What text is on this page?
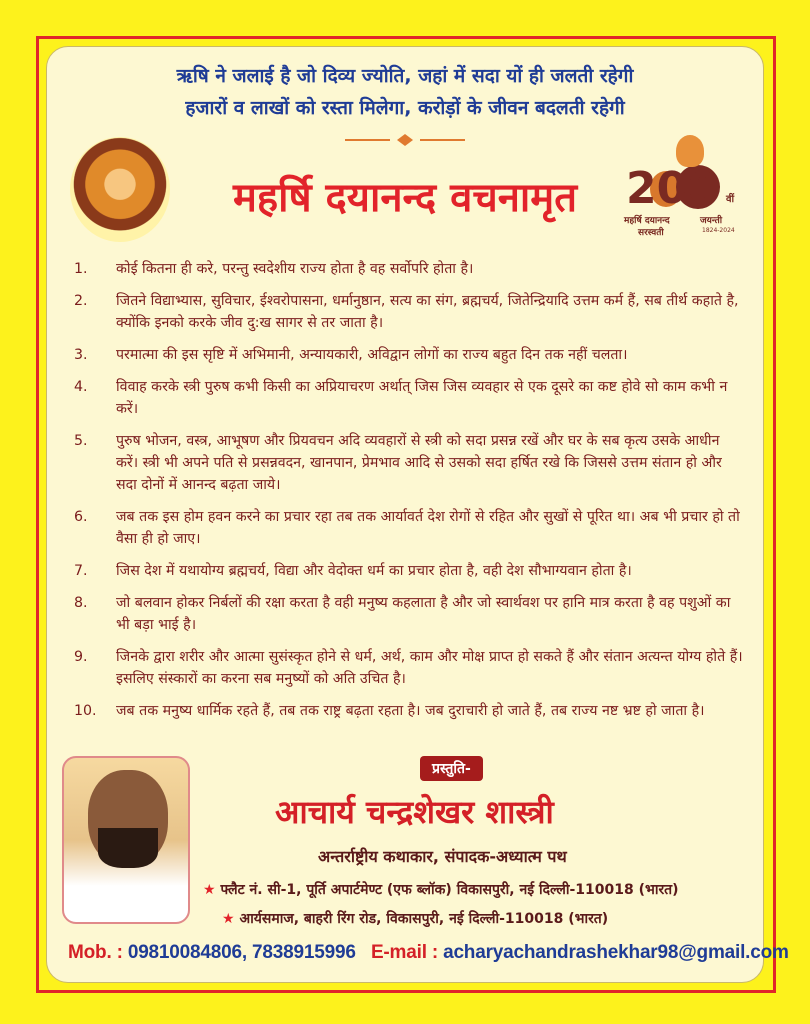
ऋषि ने जलाई है जो दिव्य ज्योति, जहां में सदा यों ही जलती रहेगी
हजारों व लाखों को रस्ता मिलेगा, करोड़ों के जीवन बदलती रहेगी
महर्षि दयानन्द वचनामृत	200 वीं
महर्षि दयानन्द	जयन्ती
सरस्वती	1824-2024
1.	कोई कितना ही करे, परन्तु स्वदेशीय राज्य होता है वह सर्वोपरि होता है।
2.	जितने विद्याभ्यास, सुविचार, ईश्वरोपासना, धर्मानुष्ठान, सत्य का संग, ब्रह्मचर्य, जितेन्द्रियादि उत्तम कर्म हैं, सब तीर्थ कहाते है, क्योंकि इनको करके जीव दु:ख सागर से तर जाता है।
3.	परमात्मा की इस सृष्टि में अभिमानी, अन्यायकारी, अविद्वान लोगों का राज्य बहुत दिन तक नहीं चलता।
4.	विवाह करके स्त्री पुरुष कभी किसी का अप्रियाचरण अर्थात् जिस जिस व्यवहार से एक दूसरे का कष्ट होवे सो काम कभी न करें।
5.	पुरुष भोजन, वस्त्र, आभूषण और प्रियवचन अदि व्यवहारों से स्त्री को सदा प्रसन्न रखें और घर के सब कृत्य उसके आधीन करें। स्त्री भी अपने पति से प्रसन्नवदन, खानपान, प्रेमभाव आदि से उसको सदा हर्षित रखे कि जिससे उत्तम संतान हो और सदा दोनों में आनन्द बढ़ता जाये।
6.	जब तक इस होम हवन करने का प्रचार रहा तब तक आर्यावर्त देश रोगों से रहित और सुखों से पूरित था। अब भी प्रचार हो तो वैसा ही हो जाए।
7.	जिस देश में यथायोग्य ब्रह्मचर्य, विद्या और वेदोक्त धर्म का प्रचार होता है, वही देश सौभाग्यवान होता है।
8.	जो बलवान होकर निर्बलों की रक्षा करता है वही मनुष्य कहलाता है और जो स्वार्थवश पर हानि मात्र करता है वह पशुओं का भी बड़ा भाई है।
9.	जिनके द्वारा शरीर और आत्मा सुसंस्कृत होने से धर्म, अर्थ, काम और मोक्ष प्राप्त हो सकते हैं और संतान अत्यन्त योग्य होते हैं। इसलिए संस्कारों का करना सब मनुष्यों को अति उचित है।
10.	जब तक मनुष्य धार्मिक रहते हैं, तब तक राष्ट्र बढ़ता रहता है। जब दुराचारी हो जाते हैं, तब राज्य नष्ट भ्रष्ट हो जाता है।
प्रस्तुति-
आचार्य चन्द्रशेखर शास्त्री
अन्तर्राष्ट्रीय कथाकार, संपादक-अध्यात्म पथ
★ फ्लैट नं. सी-1, पूर्ति अपार्टमेण्ट (एफ ब्लॉक) विकासपुरी, नई दिल्ली-110018 (भारत)
★ आर्यसमाज, बाहरी रिंग रोड, विकासपुरी, नई दिल्ली-110018 (भारत)
Mob. : 09810084806, 7838915996 E-mail : acharyachandrashekhar98@gmail.com
